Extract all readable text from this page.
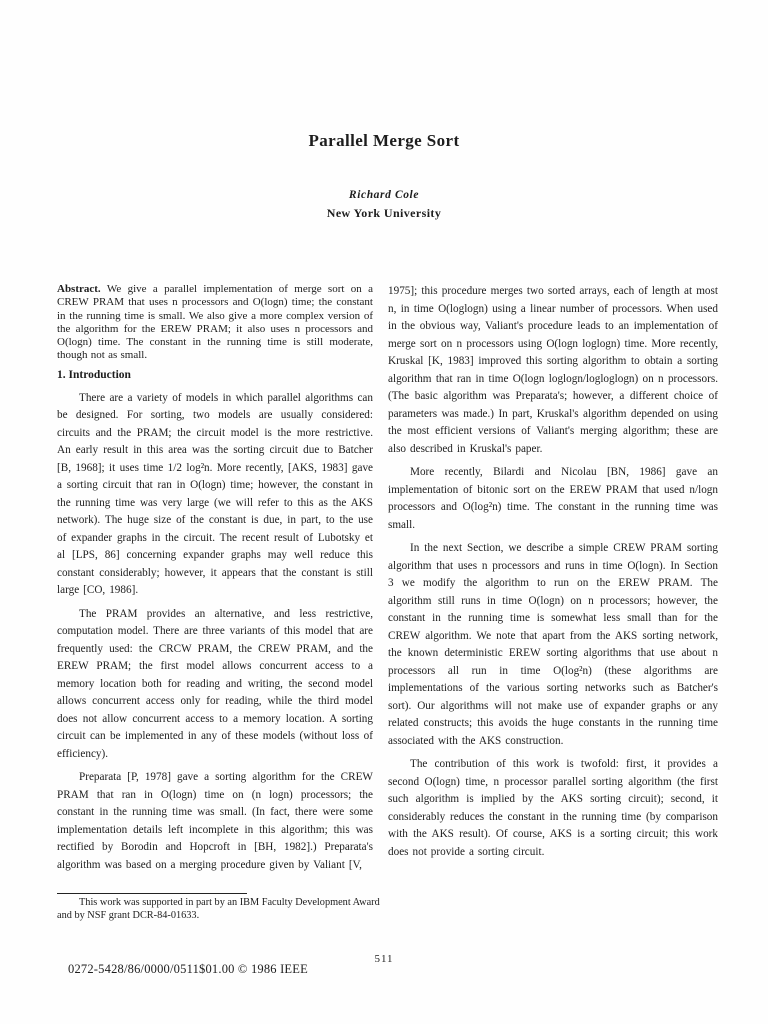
Parallel Merge Sort
Richard Cole
New York University
Abstract. We give a parallel implementation of merge sort on a CREW PRAM that uses n processors and O(logn) time; the constant in the running time is small. We also give a more complex version of the algorithm for the EREW PRAM; it also uses n processors and O(logn) time. The constant in the running time is still moderate, though not as small.
1. Introduction

There are a variety of models in which parallel algorithms can be designed. For sorting, two models are usually considered: circuits and the PRAM; the circuit model is the more restrictive. An early result in this area was the sorting circuit due to Batcher [B, 1968]; it uses time 1/2 log²n. More recently, [AKS, 1983] gave a sorting circuit that ran in O(logn) time; however, the constant in the running time was very large (we will refer to this as the AKS network). The huge size of the constant is due, in part, to the use of expander graphs in the circuit. The recent result of Lubotsky et al [LPS, 86] concerning expander graphs may well reduce this constant considerably; however, it appears that the constant is still large [CO, 1986].

The PRAM provides an alternative, and less restrictive, computation model. There are three variants of this model that are frequently used: the CRCW PRAM, the CREW PRAM, and the EREW PRAM; the first model allows concurrent access to a memory location both for reading and writing, the second model allows concurrent access only for reading, while the third model does not allow concurrent access to a memory location. A sorting circuit can be implemented in any of these models (without loss of efficiency).

Preparata [P, 1978] gave a sorting algorithm for the CREW PRAM that ran in O(logn) time on (n logn) processors; the constant in the running time was small. (In fact, there were some implementation details left incomplete in this algorithm; this was rectified by Borodin and Hopcroft in [BH, 1982].) Preparata's algorithm was based on a merging procedure given by Valiant [V,

1975]; this procedure merges two sorted arrays, each of length at most n, in time O(loglogn) using a linear number of processors. When used in the obvious way, Valiant's procedure leads to an implementation of merge sort on n processors using O(logn loglogn) time. More recently, Kruskal [K, 1983] improved this sorting algorithm to obtain a sorting algorithm that ran in time O(logn loglogn/logloglogn) on n processors. (The basic algorithm was Preparata's; however, a different choice of parameters was made.) In part, Kruskal's algorithm depended on using the most efficient versions of Valiant's merging algorithm; these are also described in Kruskal's paper.

More recently, Bilardi and Nicolau [BN, 1986] gave an implementation of bitonic sort on the EREW PRAM that used n/logn processors and O(log²n) time. The constant in the running time was small.

In the next Section, we describe a simple CREW PRAM sorting algorithm that uses n processors and runs in time O(logn). In Section 3 we modify the algorithm to run on the EREW PRAM. The algorithm still runs in time O(logn) on n processors; however, the constant in the running time is somewhat less small than for the CREW algorithm. We note that apart from the AKS sorting network, the known deterministic EREW sorting algorithms that use about n processors all run in time O(log²n) (these algorithms are implementations of the various sorting networks such as Batcher's sort). Our algorithms will not make use of expander graphs or any related constructs; this avoids the huge constants in the running time associated with the AKS construction.

The contribution of this work is twofold: first, it provides a second O(logn) time, n processor parallel sorting algorithm (the first such algorithm is implied by the AKS sorting circuit); second, it considerably reduces the constant in the running time (by comparison with the AKS result). Of course, AKS is a sorting circuit; this work does not provide a sorting circuit.

This work was supported in part by an IBM Faculty Development Award and by NSF grant DCR-84-01633.
511
0272-5428/86/0000/0511$01.00 © 1986 IEEE
